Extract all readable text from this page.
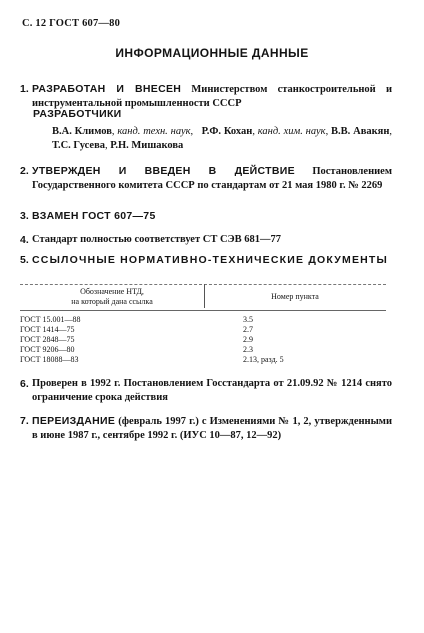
С. 12 ГОСТ 607—80
ИНФОРМАЦИОННЫЕ ДАННЫЕ
1. РАЗРАБОТАН И ВНЕСЕН Министерством станкостроительной и инструментальной промышленности СССР
РАЗРАБОТЧИКИ
В.А. Климов, канд. техн. наук,   Р.Ф. Кохан, канд. хим. наук, В.В. Авакян, Т.С. Гусева, Р.Н. Мишакова
2. УТВЕРЖДЕН И ВВЕДЕН В ДЕЙСТВИЕ Постановлением Государственного комитета СССР по стандартам от 21 мая 1980 г. № 2269
3. ВЗАМЕН ГОСТ 607—75
4. Стандарт полностью соответствует СТ СЭВ 681—77
5. ССЫЛОЧНЫЕ НОРМАТИВНО-ТЕХНИЧЕСКИЕ ДОКУМЕНТЫ
Обозначение НТД,
на который дана ссылка	Номер пункта
ГОСТ 15.001—88	3.5
ГОСТ 1414—75	2.7
ГОСТ 2848—75	2.9
ГОСТ 9206—80	2.3
ГОСТ 18088—83	2.13, разд. 5
6. Проверен в 1992 г. Постановлением Госстандарта от 21.09.92 № 1214 снято ограничение срока действия
7. ПЕРЕИЗДАНИЕ (февраль 1997 г.) с Изменениями № 1, 2, утвержденными в июне 1987 г., сентябре 1992 г. (ИУС 10—87, 12—92)
